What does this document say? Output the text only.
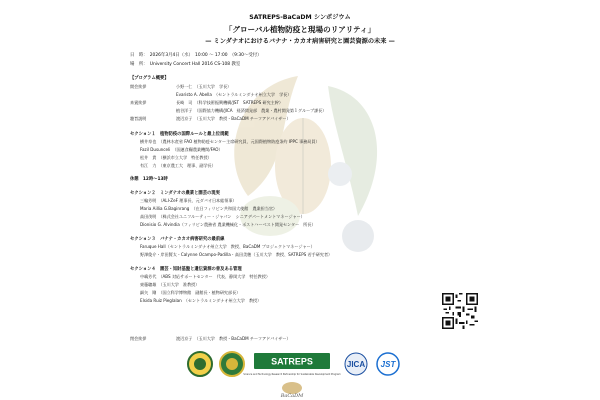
SATREPS-BaCaDM シンポジウム
「グローバル植物防疫と現場のリアリティ」
— ミンダナオにおけるバナナ・カカオ病害研究と園芸資源の未来 —
日　時：　2026年3月4日（水）　10:00 ～ 17:00　（9:30～受付）
場　所：　University Concert Hall 2016 CS-108 教室
【プログラム概要】
開会挨拶	小野一仁　（玉川大学　学長）
Evaristo A. Abella　（セントラルミンダナオ州立大学　学長）
来賓挨拶	長崎　司　（科学技術振興機構/JST　SATREPS 研究主幹）
植谷洋子　（国際協力機構/JICA　経済開発部　農業・農村開発第１グループ課長）
趣旨説明	渡辺京子　（玉川大学　教授・BaCaDM チーフアドバイザー）
セクション１　植物防疫の国際ルールと最上位規範
横井寿也　（農林水産省 FAO 植物防疫センター主席研究員、元国際植物防疫条約 IPPC 事務局員）
Fazil Dusunceli　（国連食糧農業機関/FAO）
松井　貴　（横浜市立大学　特任教授）
有江　力　（東京農工大　理事、副学長）
休憩　12時～13時
セクション２　ミンダナオの農業と園芸の現実
三輪芳明　（ALI-ZeF 理事長、元ダバオ日本総領事）
Maria Aillia G.Baginrang　（在日フィリピン共和国大使館　農業担当官）
高田茂明　（株式会社ユニフルーティー・ジャパン　シニアデパートメントマネージャー）
Dionisio G. Alvindia（フィリピン農務省 農業機械化・ポストハーベスト開発センター　所長）
セクション３　バナナ・カカオ病害研究の最前線
Faruque Hall（セントラルミンダナオ州立大学　教授、BaCaDM プロジェクトマネージャー）
野澤俊介・岸田賢太・Calynne Ocampo-Padilla・高田美穂（玉川大学　教授、SATREPS 若手研究者）
セクション４　園芸・知財基盤と遺伝資源の普及ある管理
中嶋芳代　（ABS 対応サポートセンター　代表、静岡大学　特任教授）
東藤聰雄　（玉川大学　准教授）
細矢　剛　（国立科学博物館　副館長・植物研究部長）
Elsida Ruiz Pieglalan　（セントラルミンダナオ州立大学　教授）
閉会挨拶	渡辺京子　（玉川大学　教授・BaCaDM チーフアドバイザー）
SATREPS
Science and Technology Research Partnership for Sustainable Development Program
JICA JST
BaCaDM
